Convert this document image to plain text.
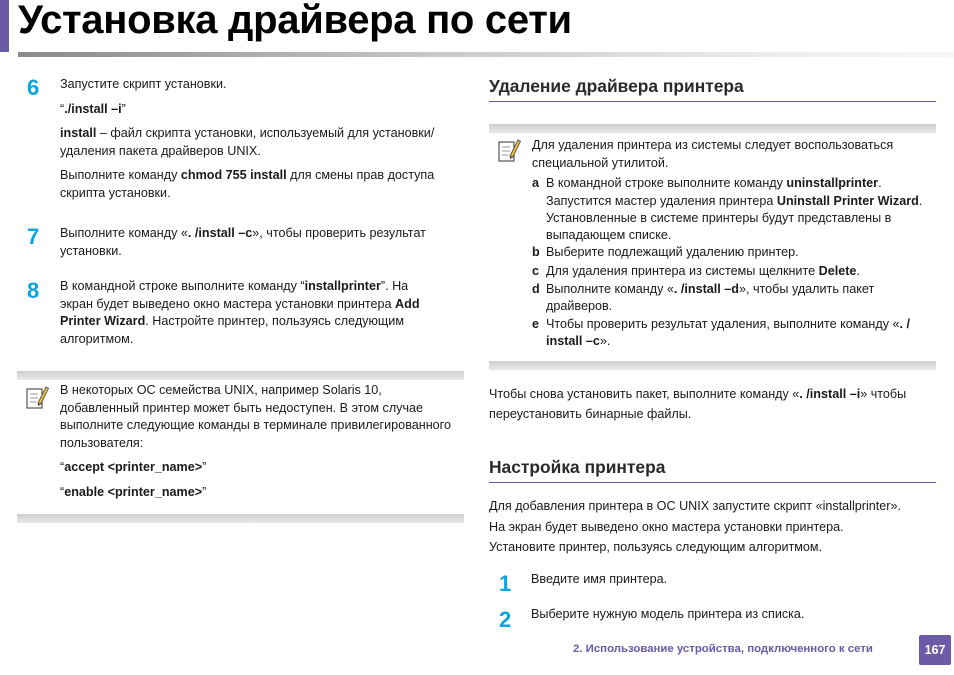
Установка драйвера по сети
6 Запустите скрипт установки.
“./install –i”
install – файл скрипта установки, используемый для установки/
удаления пакета драйверов UNIX.
Выполните команду chmod 755 install для смены прав доступа
скрипта установки.
7 Выполните команду «. /install –c», чтобы проверить результат
установки.
8 В командной строке выполните команду “installprinter”. На
экран будет выведено окно мастера установки принтера Add
Printer Wizard. Настройте принтер, пользуясь следующим
алгоритмом.
В некоторых ОС семейства UNIX, например Solaris 10,
добавленный принтер может быть недоступен. В этом случае
выполните следующие команды в терминале привилегированного
пользователя:
“accept <printer_name>”
“enable <printer_name>”
Удаление драйвера принтера
Для удаления принтера из системы следует воспользоваться
специальной утилитой.
a В командной строке выполните команду uninstallprinter.
Запустится мастер удаления принтера Uninstall Printer Wizard.
Установленные в системе принтеры будут представлены в
выпадающем списке.
b Выберите подлежащий удалению принтер.
c Для удаления принтера из системы щелкните Delete.
d Выполните команду «. /install –d», чтобы удалить пакет
драйверов.
e Чтобы проверить результат удаления, выполните команду «. /
install –c».
Чтобы снова установить пакет, выполните команду «. /install –i» чтобы
переустановить бинарные файлы.
Настройка принтера
Для добавления принтера в ОС UNIX запустите скрипт «installprinter».
На экран будет выведено окно мастера установки принтера.
Установите принтер, пользуясь следующим алгоритмом.
1 Введите имя принтера.
2 Выберите нужную модель принтера из списка.
2. Использование устройства, подключенного к сети	167
